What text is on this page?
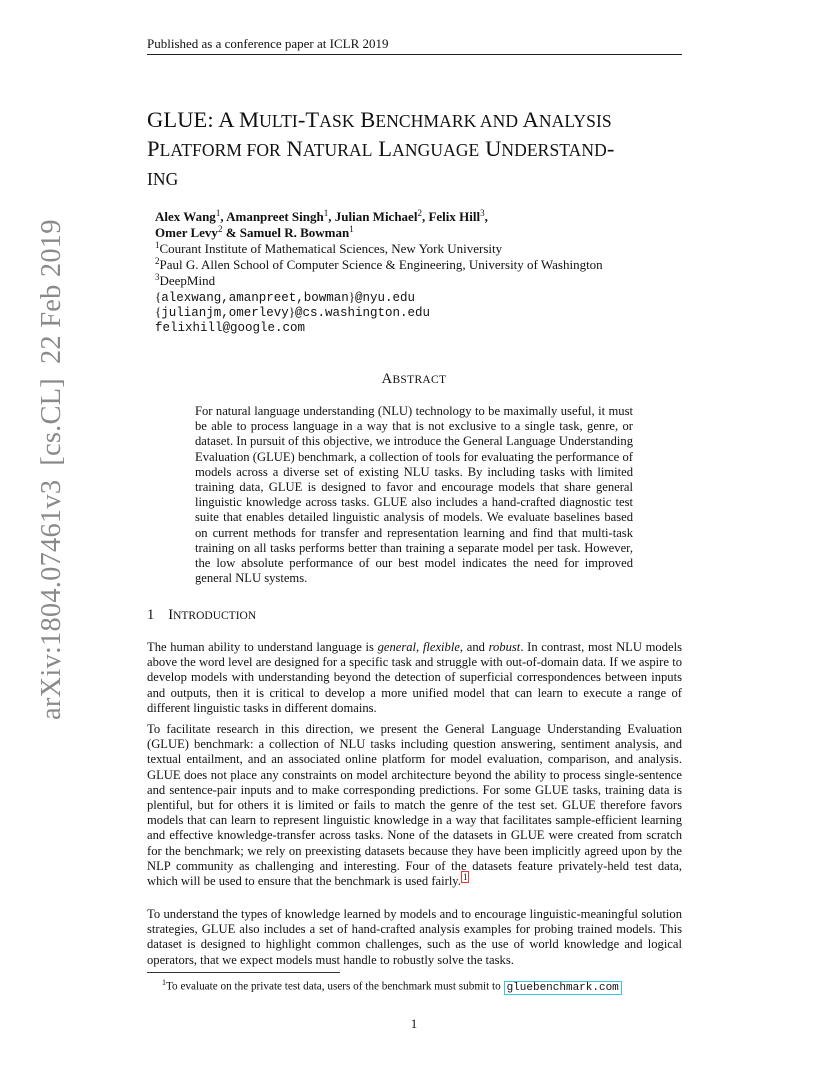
Published as a conference paper at ICLR 2019
GLUE: A MULTI-TASK BENCHMARK AND ANALYSIS
PLATFORM FOR NATURAL LANGUAGE UNDERSTAND-
ING
Alex Wang$^1$, Amanpreet Singh$^1$, Julian Michael$^2$, Felix Hill$^3$,
Omer Levy$^2$ & Samuel R. Bowman$^1$
$^1$Courant Institute of Mathematical Sciences, New York University
$^2$Paul G. Allen School of Computer Science & Engineering, University of Washington
$^3$DeepMind
{alexwang,amanpreet,bowman}@nyu.edu
{julianjm,omerlevy}@cs.washington.edu
felixhill@google.com
ABSTRACT
For natural language understanding (NLU) technology to be maximally useful, it must be able to process language in a way that is not exclusive to a single task, genre, or dataset. In pursuit of this objective, we introduce the General Language Understanding Evaluation (GLUE) benchmark, a collection of tools for evaluating the performance of models across a diverse set of existing NLU tasks. By including tasks with limited training data, GLUE is designed to favor and encourage models that share general linguistic knowledge across tasks. GLUE also includes a hand-crafted diagnostic test suite that enables detailed linguistic analysis of models. We evaluate baselines based on current methods for transfer and representation learning and find that multi-task training on all tasks performs better than training a separate model per task. However, the low absolute performance of our best model indicates the need for improved general NLU systems.
1 INTRODUCTION
The human ability to understand language is general, flexible, and robust. In contrast, most NLU models above the word level are designed for a specific task and struggle with out-of-domain data. If we aspire to develop models with understanding beyond the detection of superficial correspondences between inputs and outputs, then it is critical to develop a more unified model that can learn to execute a range of different linguistic tasks in different domains.
To facilitate research in this direction, we present the General Language Understanding Evaluation (GLUE) benchmark: a collection of NLU tasks including question answering, sentiment analysis, and textual entailment, and an associated online platform for model evaluation, comparison, and analysis. GLUE does not place any constraints on model architecture beyond the ability to process single-sentence and sentence-pair inputs and to make corresponding predictions. For some GLUE tasks, training data is plentiful, but for others it is limited or fails to match the genre of the test set. GLUE therefore favors models that can learn to represent linguistic knowledge in a way that facilitates sample-efficient learning and effective knowledge-transfer across tasks. None of the datasets in GLUE were created from scratch for the benchmark; we rely on preexisting datasets because they have been implicitly agreed upon by the NLP community as challenging and interesting. Four of the datasets feature privately-held test data, which will be used to ensure that the benchmark is used fairly. $^1$
To understand the types of knowledge learned by models and to encourage linguistic-meaningful solution strategies, GLUE also includes a set of hand-crafted analysis examples for probing trained models. This dataset is designed to highlight common challenges, such as the use of world knowledge and logical operators, that we expect models must handle to robustly solve the tasks.
$^1$To evaluate on the private test data, users of the benchmark must submit to gluebenchmark.com
1
arXiv:1804.07461v3[cs.CL]22 Feb 2019
